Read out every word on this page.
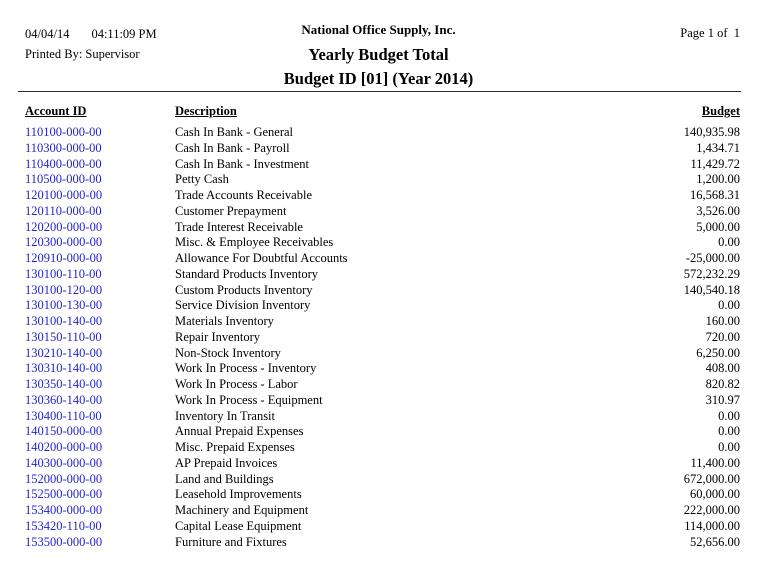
04/04/14 04:11:09 PM
Printed By: Supervisor
National Office Supply, Inc.
Yearly Budget Total
Budget ID [01] (Year 2014)
Page 1 of  1
Account ID	Description	Budget
110100-000-00	Cash In Bank - General	140,935.98
110300-000-00	Cash In Bank - Payroll	1,434.71
110400-000-00	Cash In Bank - Investment	11,429.72
110500-000-00	Petty Cash	1,200.00
120100-000-00	Trade Accounts Receivable	16,568.31
120110-000-00	Customer Prepayment	3,526.00
120200-000-00	Trade Interest Receivable	5,000.00
120300-000-00	Misc. & Employee Receivables	0.00
120910-000-00	Allowance For Doubtful Accounts	-25,000.00
130100-110-00	Standard Products Inventory	572,232.29
130100-120-00	Custom Products Inventory	140,540.18
130100-130-00	Service Division Inventory	0.00
130100-140-00	Materials Inventory	160.00
130150-110-00	Repair Inventory	720.00
130210-140-00	Non-Stock Inventory	6,250.00
130310-140-00	Work In Process - Inventory	408.00
130350-140-00	Work In Process - Labor	820.82
130360-140-00	Work In Process - Equipment	310.97
130400-110-00	Inventory In Transit	0.00
140150-000-00	Annual Prepaid Expenses	0.00
140200-000-00	Misc. Prepaid Expenses	0.00
140300-000-00	AP Prepaid Invoices	11,400.00
152000-000-00	Land and Buildings	672,000.00
152500-000-00	Leasehold Improvements	60,000.00
153400-000-00	Machinery and Equipment	222,000.00
153420-110-00	Capital Lease Equipment	114,000.00
153500-000-00	Furniture and Fixtures	52,656.00
